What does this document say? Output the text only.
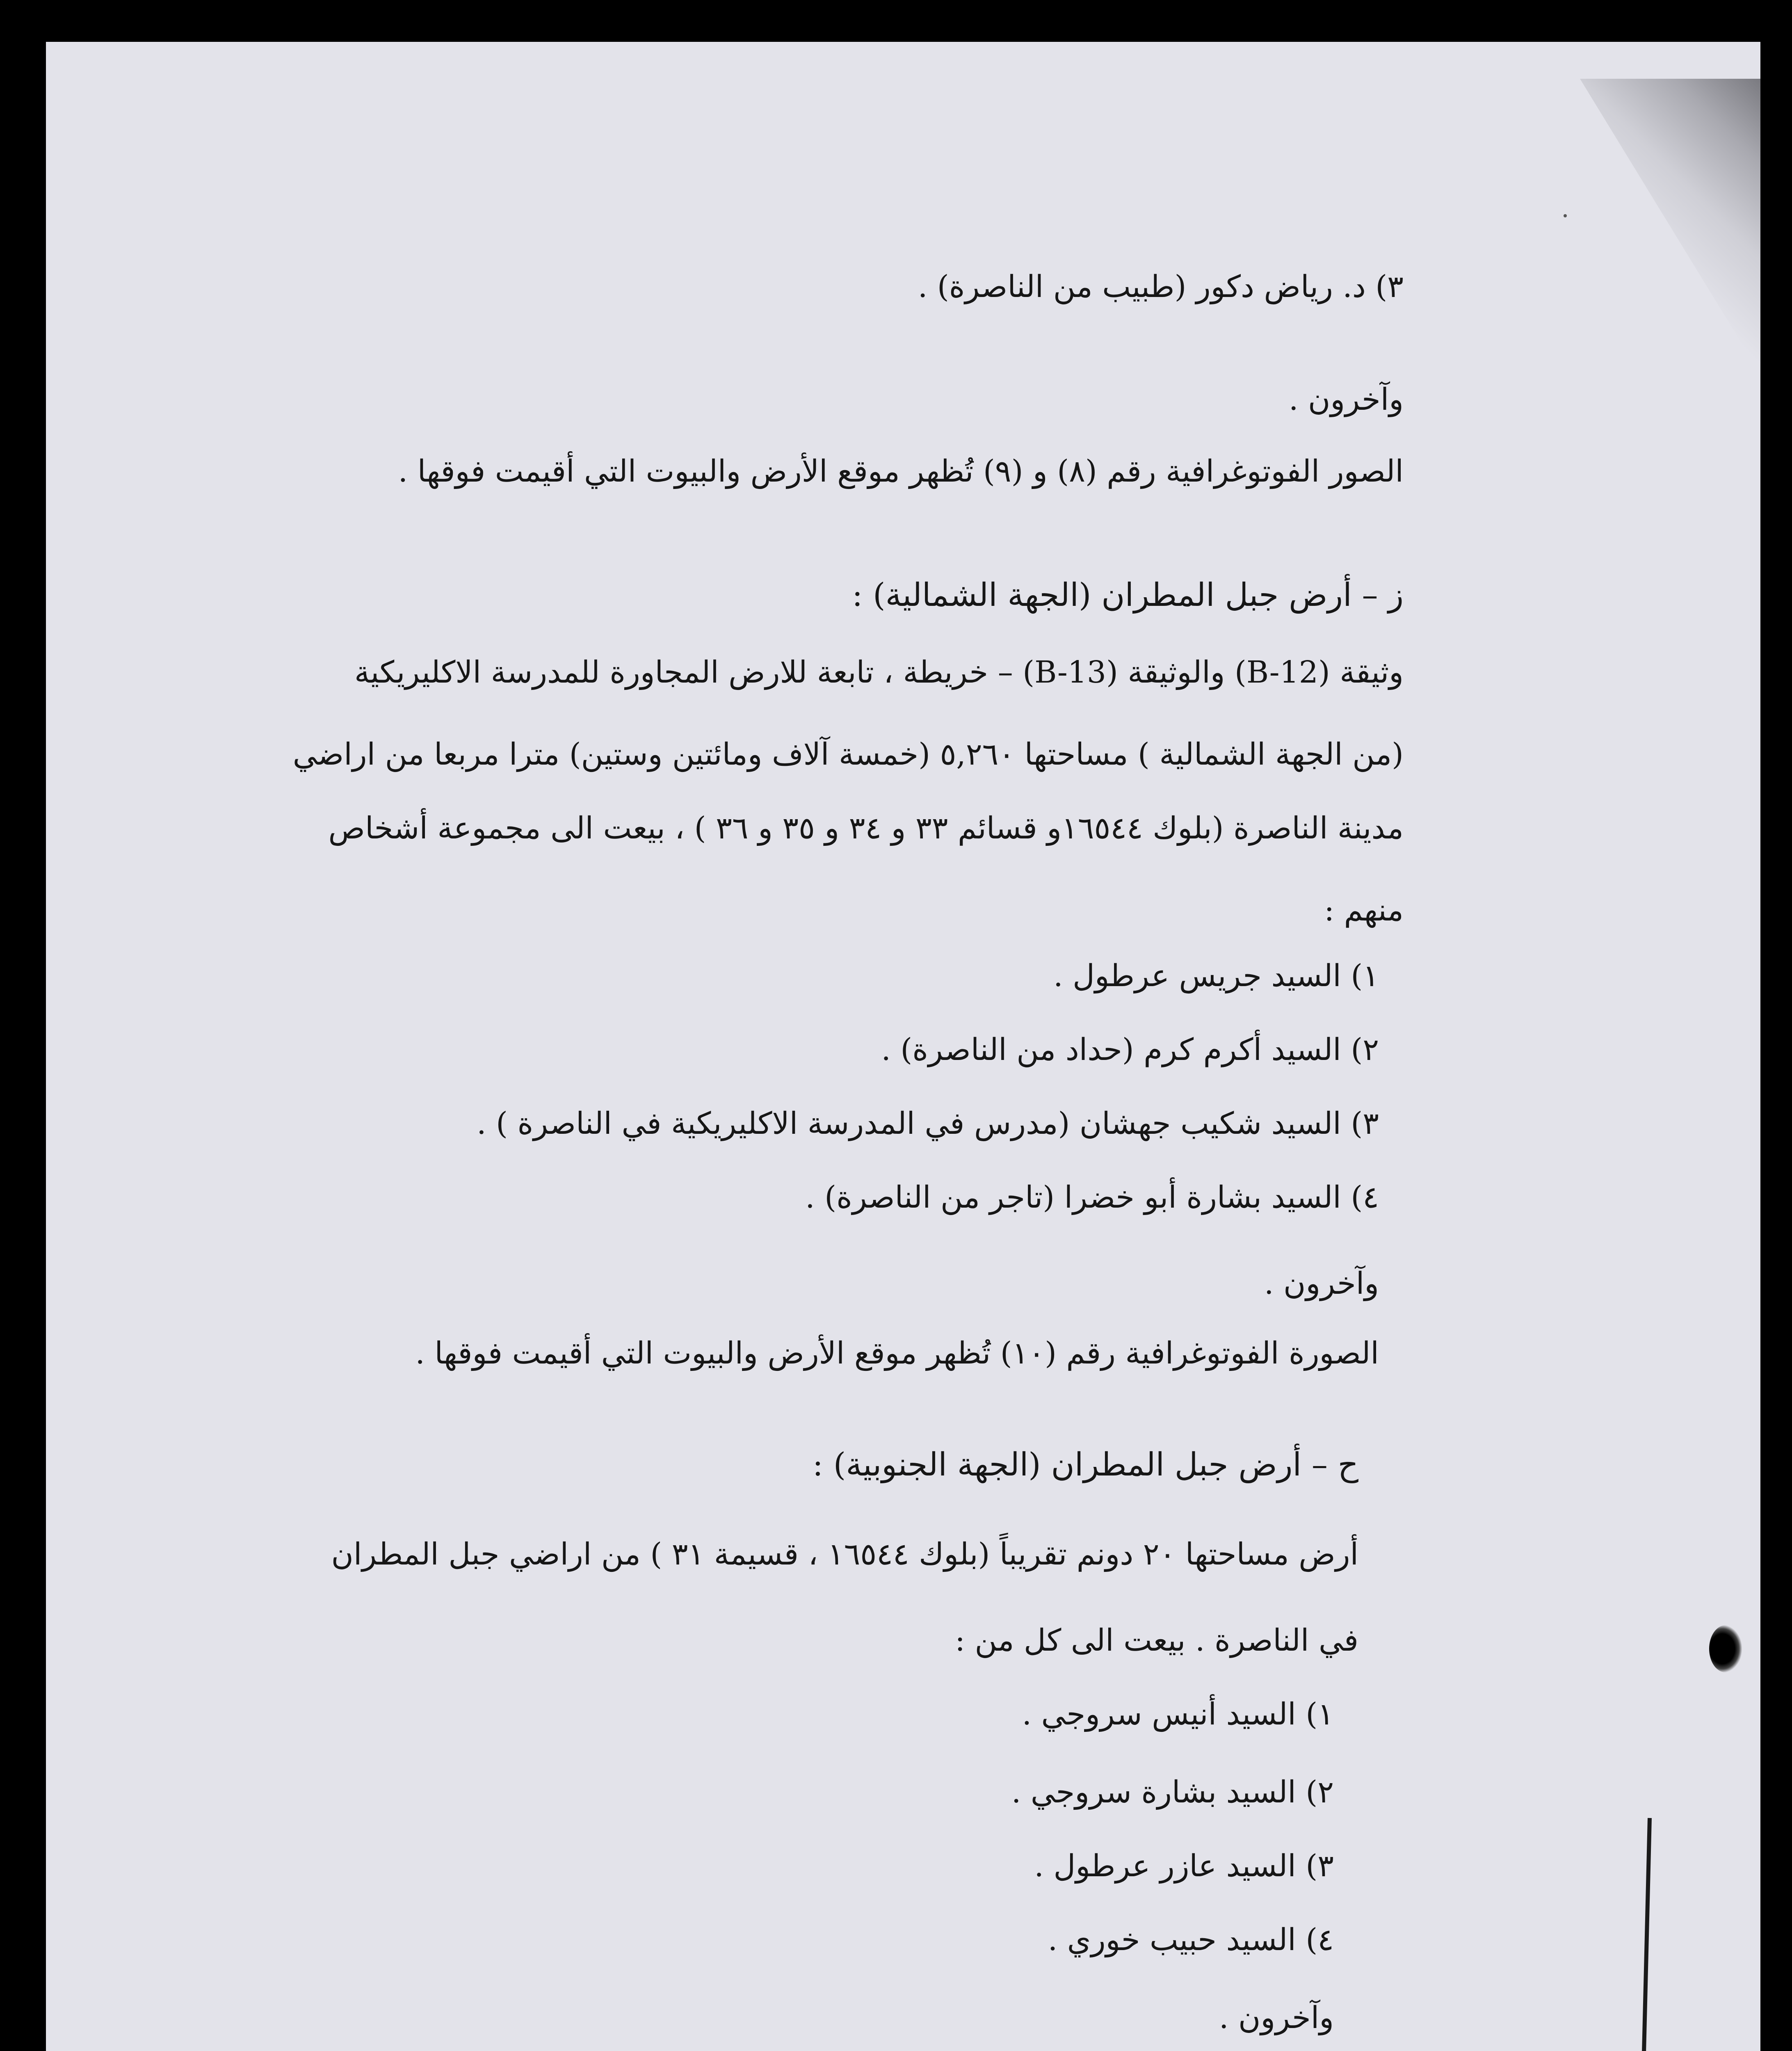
٣) د. رياض دكور (طبيب من الناصرة) .
وآخرون .
الصور الفوتوغرافية رقم (٨) و (٩) تُظهر موقع الأرض والبيوت التي أقيمت فوقها .
ز – أرض جبل المطران (الجهة الشمالية) :
وثيقة (B-12) والوثيقة (B-13) – خريطة ، تابعة للارض المجاورة للمدرسة الاكليريكية
(من الجهة الشمالية ) مساحتها ٥,٢٦٠ (خمسة آلاف ومائتين وستين) مترا مربعا من اراضي
مدينة الناصرة (بلوك ١٦٥٤٤و قسائم ٣٣ و ٣٤ و ٣٥ و ٣٦ ) ، بيعت الى مجموعة أشخاص
منهم :
١) السيد جريس عرطول .
٢) السيد أكرم كرم (حداد من الناصرة) .
٣) السيد شكيب جهشان (مدرس في المدرسة الاكليريكية في الناصرة ) .
٤) السيد بشارة أبو خضرا (تاجر من الناصرة) .
وآخرون .
الصورة الفوتوغرافية رقم (١٠) تُظهر موقع الأرض والبيوت التي أقيمت فوقها .
ح – أرض جبل المطران (الجهة الجنوبية) :
أرض مساحتها ٢٠ دونم تقريباً (بلوك ١٦٥٤٤ ، قسيمة ٣١ ) من اراضي جبل المطران
في الناصرة . بيعت الى كل من :
١) السيد أنيس سروجي .
٢) السيد بشارة سروجي .
٣) السيد عازر عرطول .
٤) السيد حبيب خوري .
وآخرون .
